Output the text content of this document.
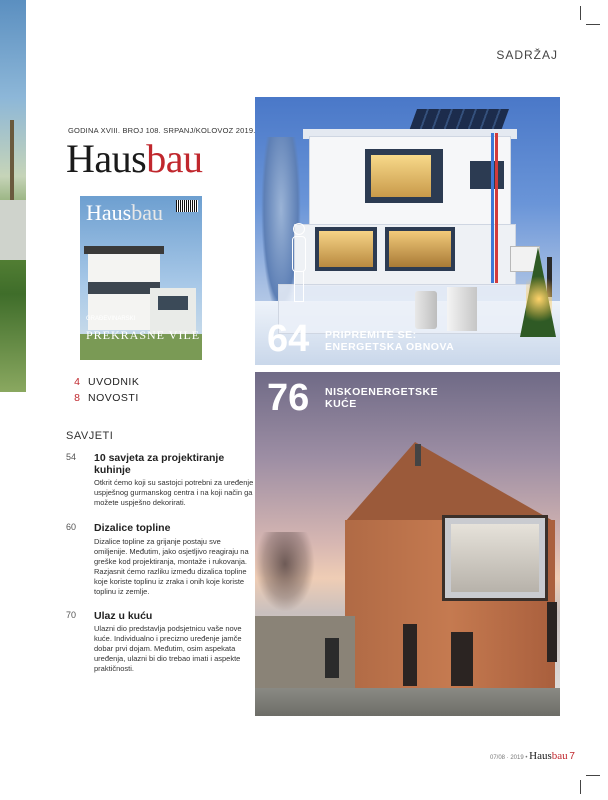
SADRŽAJ
GODINA XVIII. BROJ 108. SRPANJ/KOLOVOZ 2019.
Hausbau
Hausbau
GRAĐEVINARSKI
PREKRASNE VILE
4 UVODNIK
8 NOVOSTI
SAVJETI
54 10 savjeta za projektiranje kuhinje
Otkrit ćemo koji su sastojci potrebni za uređenje uspješnog gurmanskog centra i na koji način ga možete uspješno dekorirati.
60 Dizalice topline
Dizalice topline za grijanje postaju sve omiljenije. Međutim, jako osjetljivo reagiraju na greške kod projektiranja, montaže i rukovanja. Razjasnit ćemo razliku između dizalica topline koje koriste toplinu iz zraka i onih koje koriste toplinu iz zemlje.
70 Ulaz u kuću
Ulazni dio predstavlja podsjetnicu vaše nove kuće. Individualno i precizno uređenje jamče dobar prvi dojam. Međutim, osim aspekata uređenja, ulazni bi dio trebao imati i aspekte praktičnosti.
64 PRIPREMITE SE:
ENERGETSKA OBNOVA
76 NISKOENERGETSKE
KUĆE
07/08 · 2019 • Hausbau 7
